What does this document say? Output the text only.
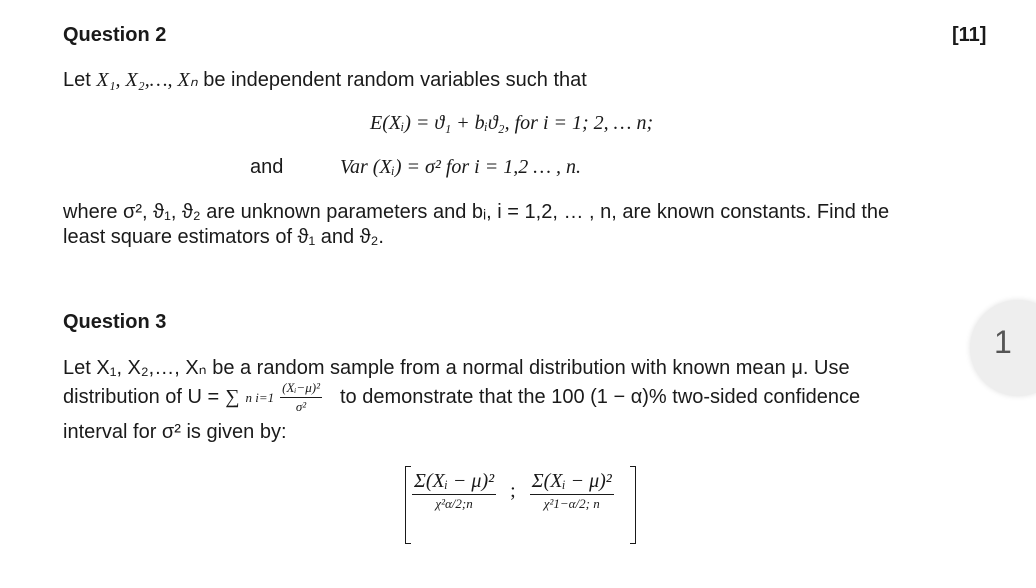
Question 2	[11]
Let X₁, X₂,…, Xₙ be independent random variables such that
E(Xᵢ) = ϑ₁ + bᵢϑ₂, for i = 1; 2, … n;
and	Var (Xᵢ) = σ² for i = 1,2 … , n.
where σ², ϑ₁, ϑ₂ are unknown parameters and bᵢ, i = 1,2, … , n, are known constants. Find the
least square estimators of ϑ₁ and ϑ₂.
Question 3
Let X₁, X₂,…, Xₙ be a random sample from a normal distribution with known mean μ. Use
distribution of U = ∑ n $i=1 \frac{\text{(Xᵢ−μ)²}}{\text{σ²}}$ to demonstrate that the 100 (1 − α)% two-sided confidence
interval for σ² is given by:
$\frac{\text{Σ(Xᵢ − μ)²}}{\text{χ²α/2;n}}$ ; $\frac{\text{Σ(Xᵢ − μ)²}}{\text{χ²1−α/2; n}}$
1
